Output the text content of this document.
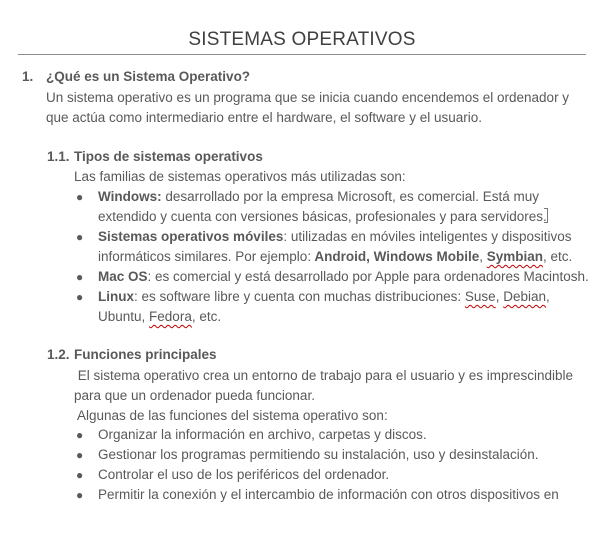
SISTEMAS OPERATIVOS
1. ¿Qué es un Sistema Operativo?
Un sistema operativo es un programa que se inicia cuando encendemos el ordenador y
que actúa como intermediario entre el hardware, el software y el usuario.
1.1. Tipos de sistemas operativos
Las familias de sistemas operativos más utilizadas son:
● Windows: desarrollado por la empresa Microsoft, es comercial. Está muy
extendido y cuenta con versiones básicas, profesionales y para servidores.
● Sistemas operativos móviles: utilizadas en móviles inteligentes y dispositivos
informáticos similares. Por ejemplo: Android, Windows Mobile, Symbian, etc.
● Mac OS: es comercial y está desarrollado por Apple para ordenadores Macintosh.
● Linux: es software libre y cuenta con muchas distribuciones: Suse, Debian,
Ubuntu, Fedora, etc.
1.2. Funciones principales
El sistema operativo crea un entorno de trabajo para el usuario y es imprescindible
para que un ordenador pueda funcionar.
Algunas de las funciones del sistema operativo son:
● Organizar la información en archivo, carpetas y discos.
● Gestionar los programas permitiendo su instalación, uso y desinstalación.
● Controlar el uso de los periféricos del ordenador.
● Permitir la conexión y el intercambio de información con otros dispositivos en
